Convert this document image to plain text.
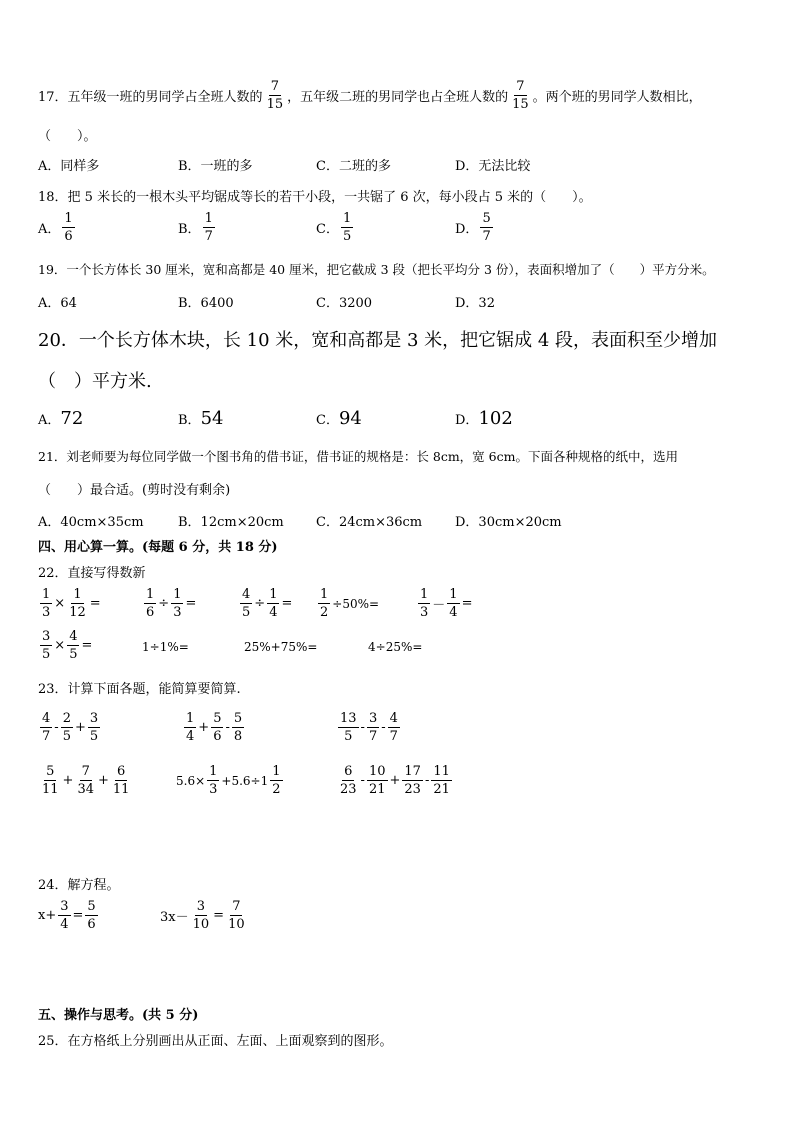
17． 五年级一班的男同学占全班人数的 $\frac{7}{15}$ ，五年级二班的男同学也占全班人数的 $\frac{7}{15}$ 。两个班的男同学人数相比，
（　　）。
A．同样多	B．一班的多	C．二班的多	D．无法比较
18．把 5 米长的一根木头平均锯成等长的若干小段，一共锯了 6 次，每小段占 5 米的（　　）。
A． $\frac{1}{6}$	B． $\frac{1}{7}$	C． $\frac{1}{5}$	D． $\frac{5}{7}$
19．一个长方体长 30 厘米，宽和高都是 40 厘米，把它截成 3 段（把长平均分 3 份），表面积增加了（　　）平方分米。
A．64	B．6400	C．3200	D．32
20．一个长方体木块，长 10 米，宽和高都是 3 米，把它锯成 4 段，表面积至少增加
（　）平方米.
A． 72	B． 54	C． 94	D． 102
21．刘老师要为每位同学做一个图书角的借书证，借书证的规格是：长 8cm，宽 6cm。下面各种规格的纸中，选用
（　　）最合适。(剪时没有剩余)
A．40cm×35cm	B．12cm×20cm C．24cm×36cm	D．30cm×20cm
四、用心算一算。(每题 6 分，共 18 分)
22．直接写得数新
$\frac{1}{3} \times \frac{1}{12}$ =	$\frac{1}{6} \div \frac{1}{3}$ =	$\frac{4}{5} \div \frac{1}{4} = \frac{1}{2} \div 50\%=$	$\frac{1}{3} - \frac{1}{4}$ =
$\frac{3}{5} \times \frac{4}{5}$ =	1÷1%=	25%+75%=	4÷25%=
23．计算下面各题，能简算要简算.
$\frac{4}{7} - \frac{2}{5} + \frac{3}{5}$	$\frac{1}{4} + \frac{5}{6} - \frac{5}{8}$	$\frac{13}{5} - \frac{3}{7} - \frac{4}{7}$
$\frac{5}{11} + \frac{7}{34} + \frac{6}{11}$	$5.6\times \frac{1}{3} +5.6\div 1 \frac{1}{2}$	$\frac{6}{23} - \frac{10}{21} + \frac{17}{23} - \frac{11}{21}$
24．解方程。
$x+ \frac{3}{4} = \frac{5}{6}$	$3x- \frac{3}{10} = \frac{7}{10}$
五、操作与思考。(共 5 分)
25．在方格纸上分别画出从正面、左面、上面观察到的图形。
